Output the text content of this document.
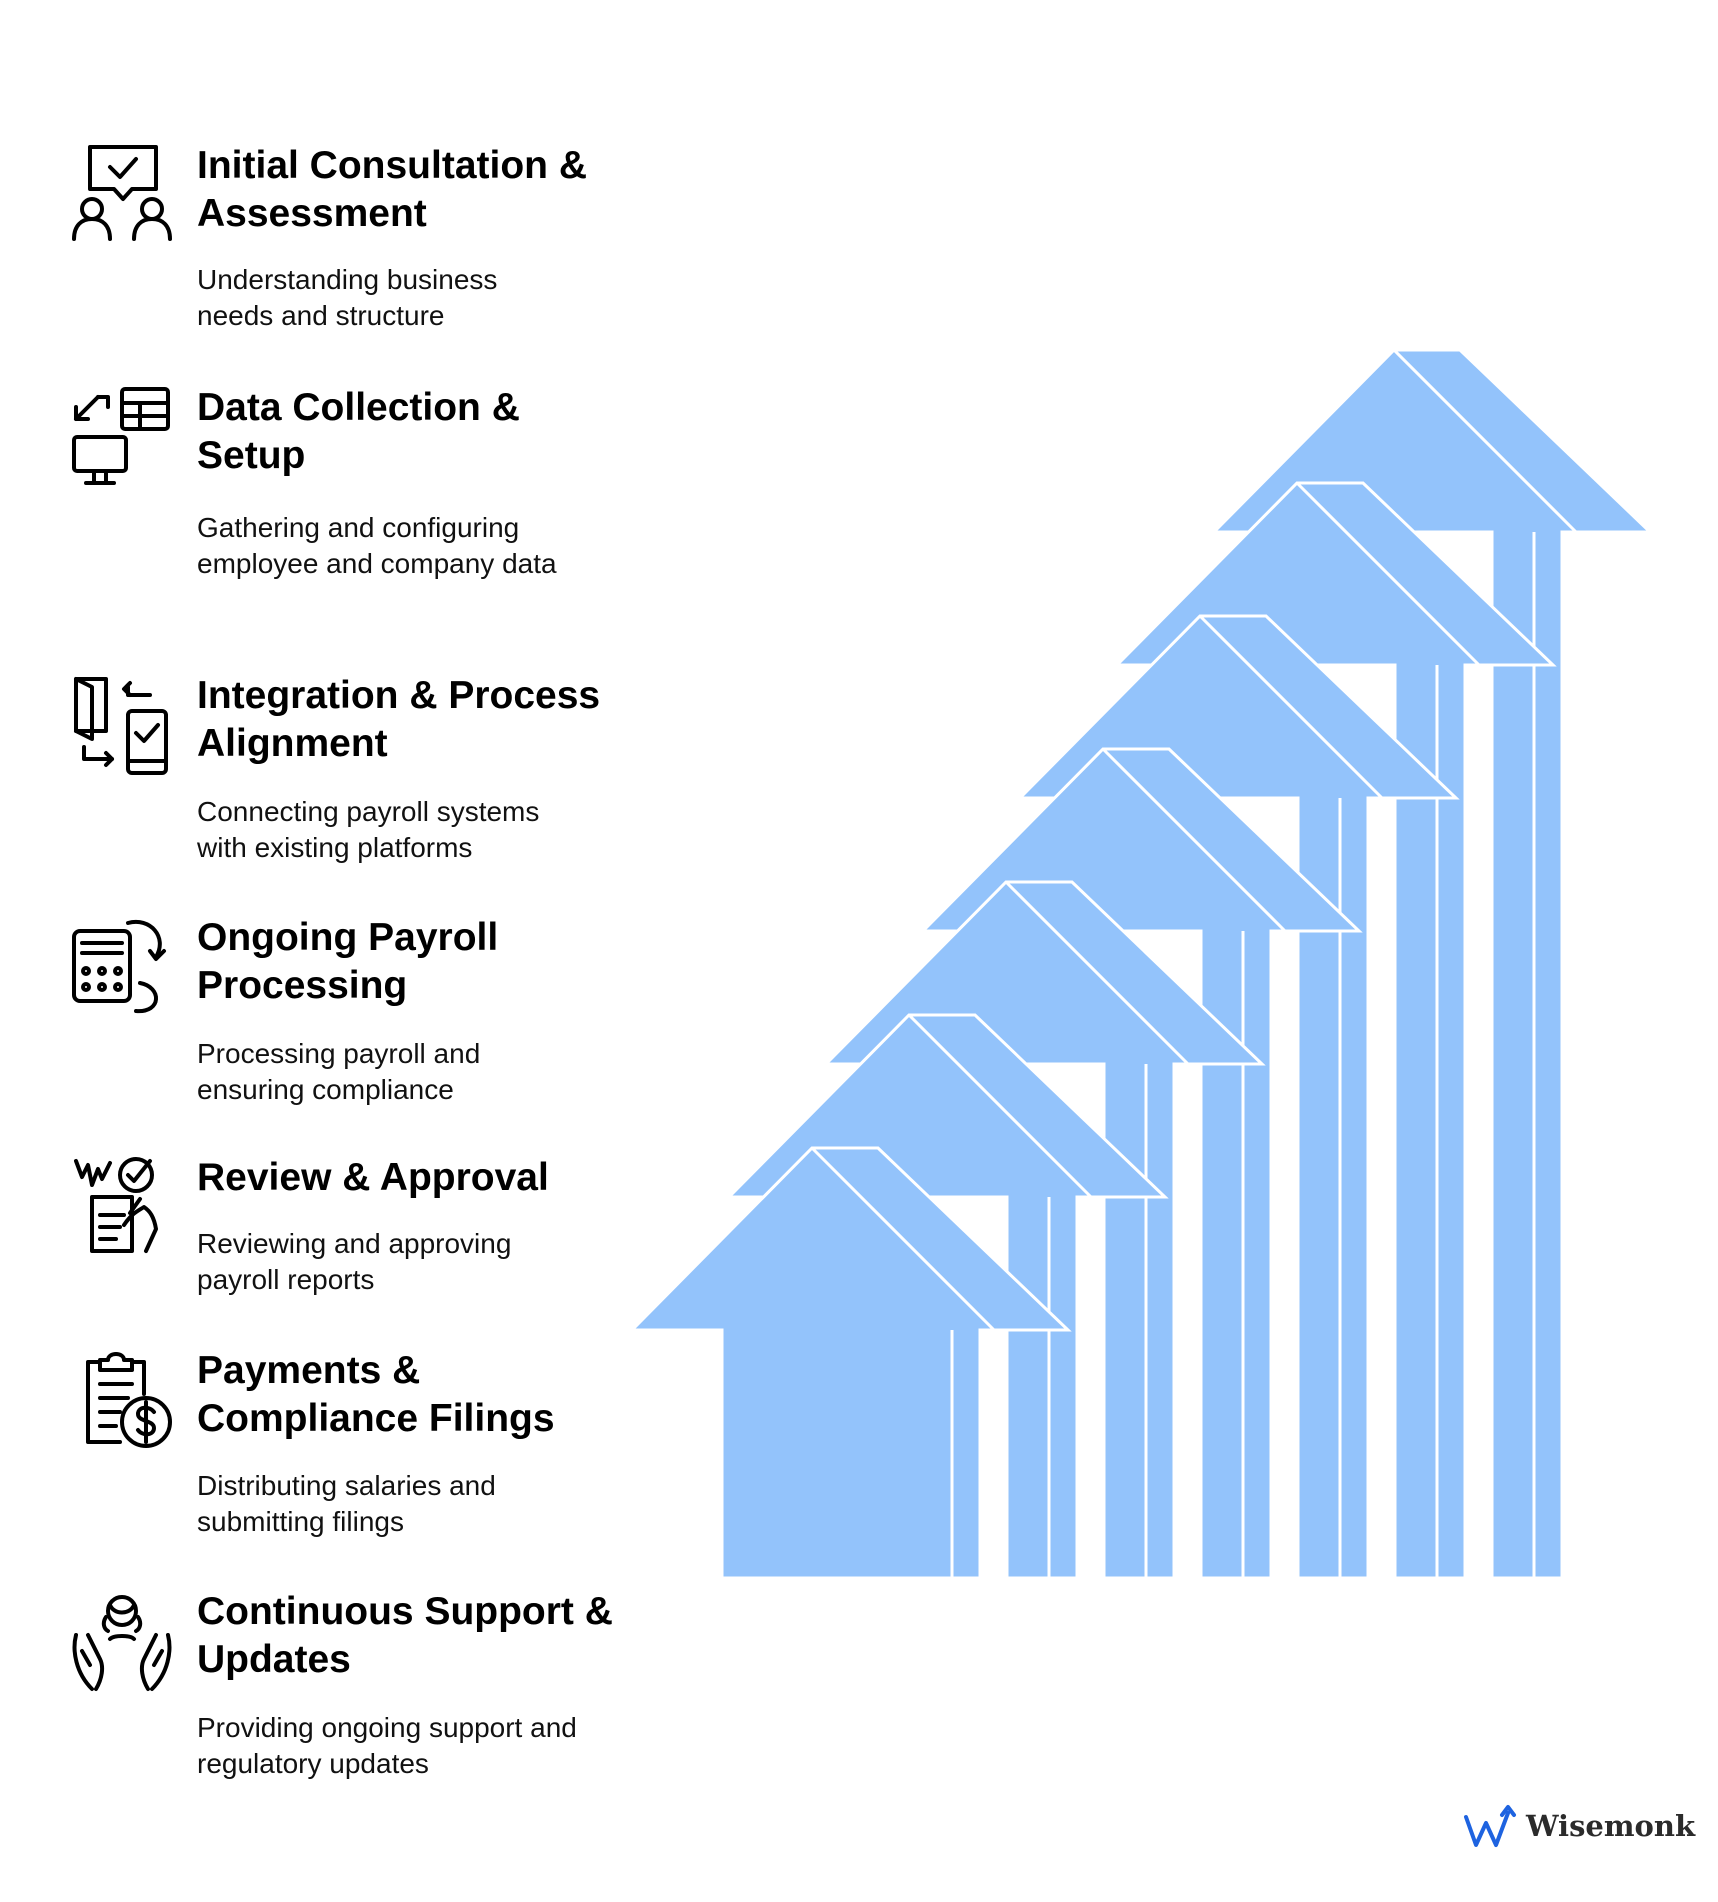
Initial Consultation & Assessment

Understanding business needs and structure

Data Collection & Setup

Gathering and configuring employee and company data

Integration & Process Alignment

Connecting payroll systems with existing platforms

Ongoing Payroll Processing

Processing payroll and ensuring compliance

Review & Approval

Reviewing and approving payroll reports

Payments & Compliance Filings

Distributing salaries and submitting filings

Continuous Support & Updates

Providing ongoing support and regulatory updates

Wisemonk
